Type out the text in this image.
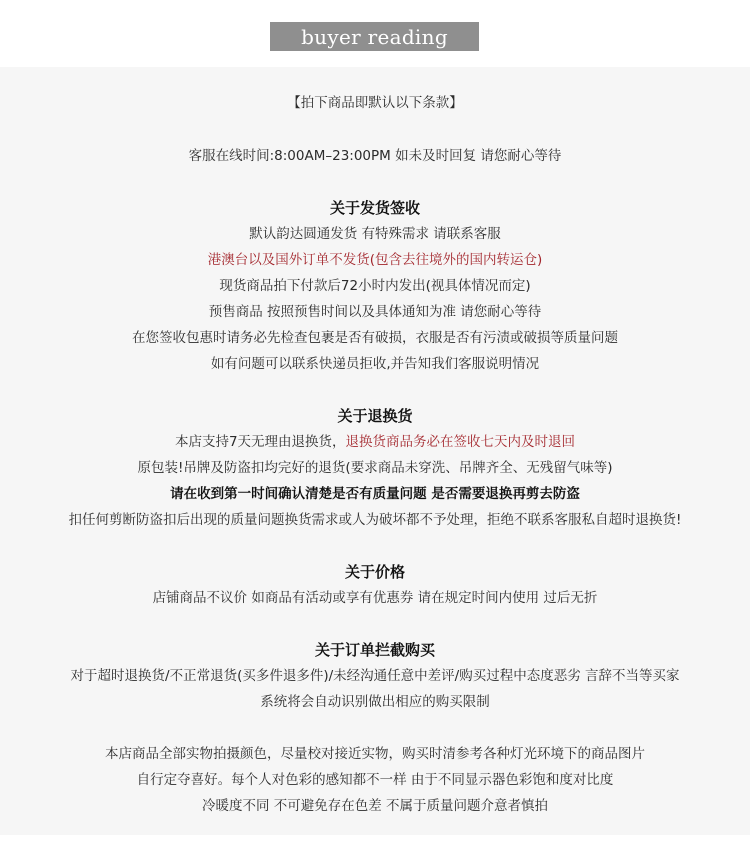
buyer reading
【拍下商品即默认以下条款】
客服在线时间:8:00AM–23:00PM 如未及时回复 请您耐心等待
关于发货签收
默认韵达圆通发货 有特殊需求 请联系客服
港澳台以及国外订单不发货(包含去往境外的国内转运仓)
现货商品拍下付款后72小时内发出(视具体情况而定)
预售商品 按照预售时间以及具体通知为准 请您耐心等待
在您签收包惠时请务必先检查包裹是否有破损，衣服是否有污渍或破损等质量问题
如有问题可以联系快递员拒收,并告知我们客服说明情况
关于退换货
本店支持7天无理由退换货，退换货商品务必在签收七天内及时退回
原包装!吊牌及防盗扣均完好的退货(要求商品未穿洗、吊牌齐全、无残留气味等)
请在收到第一时间确认清楚是否有质量问题 是否需要退换再剪去防盗
扣任何剪断防盗扣后出现的质量问题换货需求或人为破坏都不予处理，拒绝不联系客服私自超时退换货!
关于价格
店铺商品不议价 如商品有活动或享有优惠券 请在规定时间内使用 过后无折
关于订单拦截购买
对于超时退换货/不正常退货(买多件退多件)/未经沟通任意中差评/购买过程中态度恶劣 言辞不当等买家
系统将会自动识别做出相应的购买限制
本店商品全部实物拍摄颜色，尽量校对接近实物，购买时清参考各种灯光环境下的商品图片
自行定夺喜好。每个人对色彩的感知都不一样 由于不同显示器色彩饱和度对比度
冷暖度不同 不可避免存在色差 不属于质量问题介意者慎拍
